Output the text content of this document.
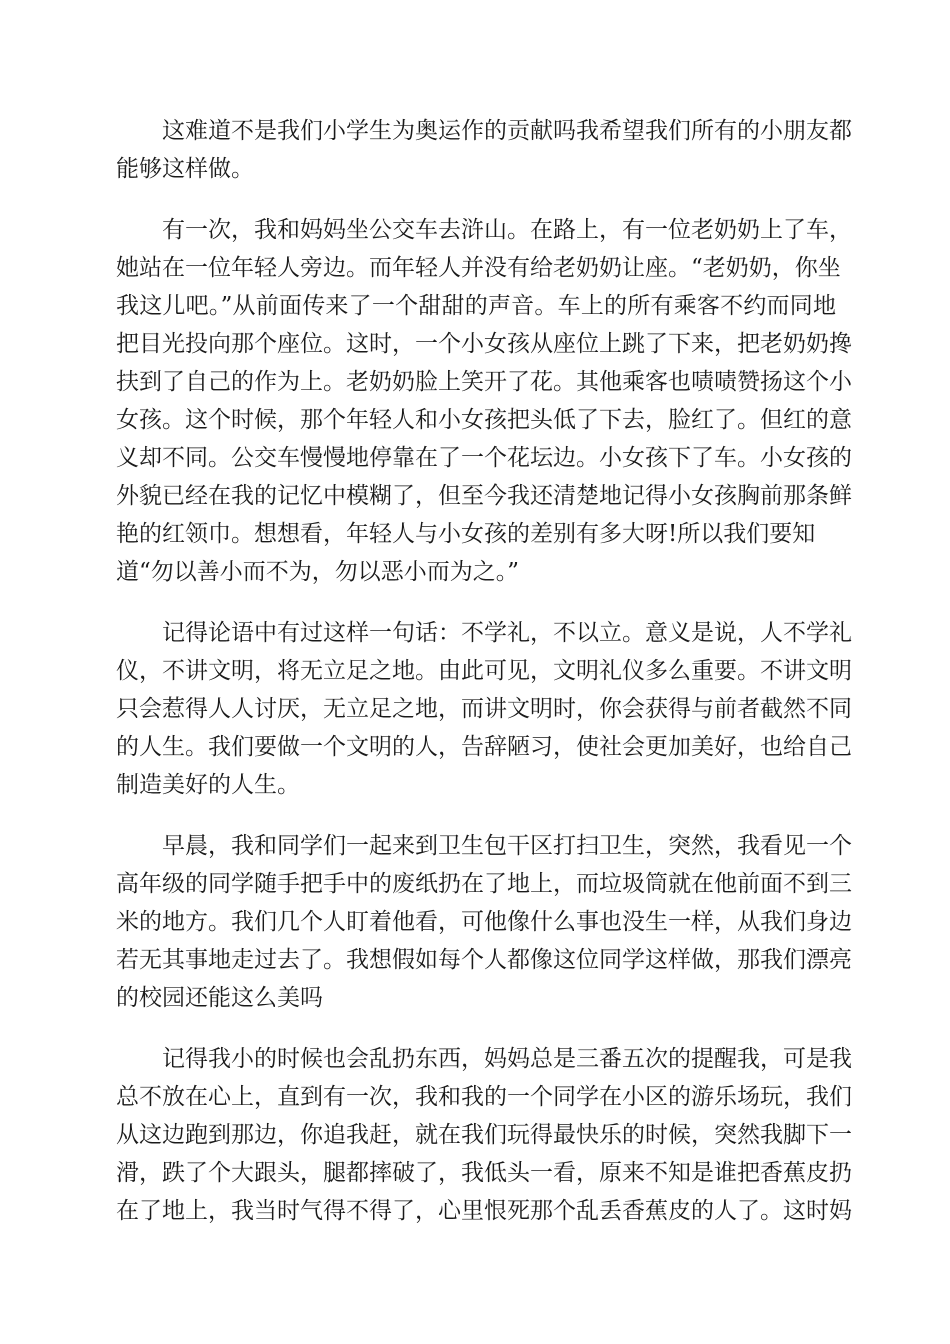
这难道不是我们小学生为奥运作的贡献吗我希望我们所有的小朋友都
能够这样做。
有一次，我和妈妈坐公交车去浒山。在路上，有一位老奶奶上了车，
她站在一位年轻人旁边。而年轻人并没有给老奶奶让座。“老奶奶，你坐
我这儿吧。”从前面传来了一个甜甜的声音。车上的所有乘客不约而同地
把目光投向那个座位。这时，一个小女孩从座位上跳了下来，把老奶奶搀
扶到了自己的作为上。老奶奶脸上笑开了花。其他乘客也啧啧赞扬这个小
女孩。这个时候，那个年轻人和小女孩把头低了下去，脸红了。但红的意
义却不同。公交车慢慢地停靠在了一个花坛边。小女孩下了车。小女孩的
外貌已经在我的记忆中模糊了，但至今我还清楚地记得小女孩胸前那条鲜
艳的红领巾。想想看，年轻人与小女孩的差别有多大呀!所以我们要知
道“勿以善小而不为，勿以恶小而为之。”
记得论语中有过这样一句话：不学礼，不以立。意义是说，人不学礼
仪，不讲文明，将无立足之地。由此可见，文明礼仪多么重要。不讲文明
只会惹得人人讨厌，无立足之地，而讲文明时，你会获得与前者截然不同
的人生。我们要做一个文明的人，告辞陋习，使社会更加美好，也给自己
制造美好的人生。
早晨，我和同学们一起来到卫生包干区打扫卫生，突然，我看见一个
高年级的同学随手把手中的废纸扔在了地上，而垃圾筒就在他前面不到三
米的地方。我们几个人盯着他看，可他像什么事也没生一样，从我们身边
若无其事地走过去了。我想假如每个人都像这位同学这样做，那我们漂亮
的校园还能这么美吗
记得我小的时候也会乱扔东西，妈妈总是三番五次的提醒我，可是我
总不放在心上，直到有一次，我和我的一个同学在小区的游乐场玩，我们
从这边跑到那边，你追我赶，就在我们玩得最快乐的时候，突然我脚下一
滑，跌了个大跟头，腿都摔破了，我低头一看，原来不知是谁把香蕉皮扔
在了地上，我当时气得不得了，心里恨死那个乱丢香蕉皮的人了。这时妈
